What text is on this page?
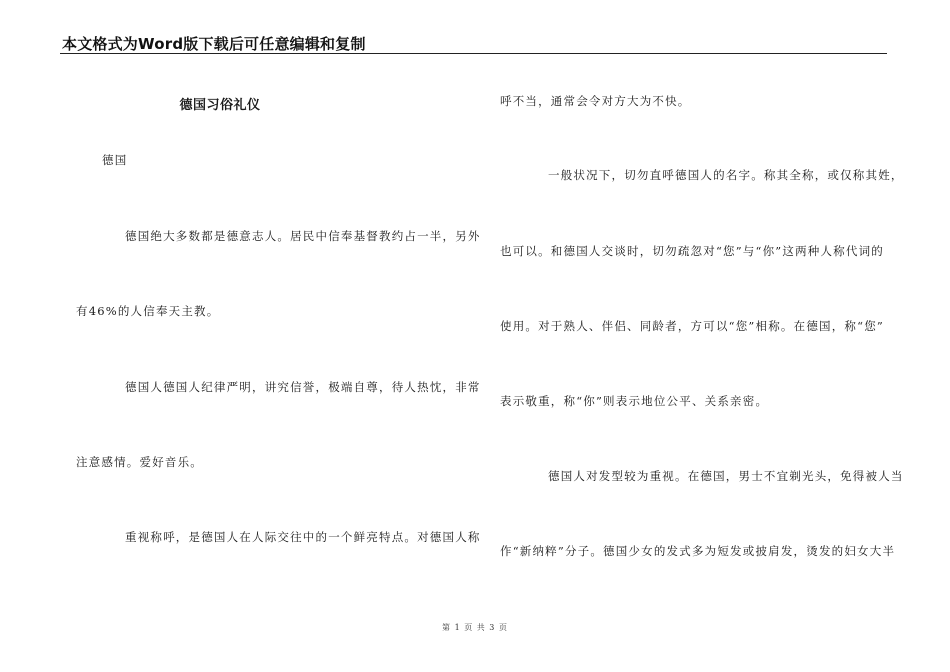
本文格式为Word版下载后可任意编辑和复制
德国习俗礼仪
德国
德国绝大多数都是德意志人。居民中信奉基督教约占一半，另外
有46%的人信奉天主教。
德国人德国人纪律严明，讲究信誉，极端自尊，待人热忱，非常
注意感情。爱好音乐。
重视称呼，是德国人在人际交往中的一个鲜亮特点。对德国人称
呼不当，通常会令对方大为不快。
一般状况下，切勿直呼德国人的名字。称其全称，或仅称其姓，
也可以。和德国人交谈时，切勿疏忽对“您”与“你”这两种人称代词的
使用。对于熟人、伴侣、同龄者，方可以“您”相称。在德国，称“您”
表示敬重，称“你”则表示地位公平、关系亲密。
德国人对发型较为重视。在德国，男士不宜剃光头，免得被人当
作“新纳粹”分子。德国少女的发式多为短发或披肩发，烫发的妇女大半
第 1 页 共 3 页
